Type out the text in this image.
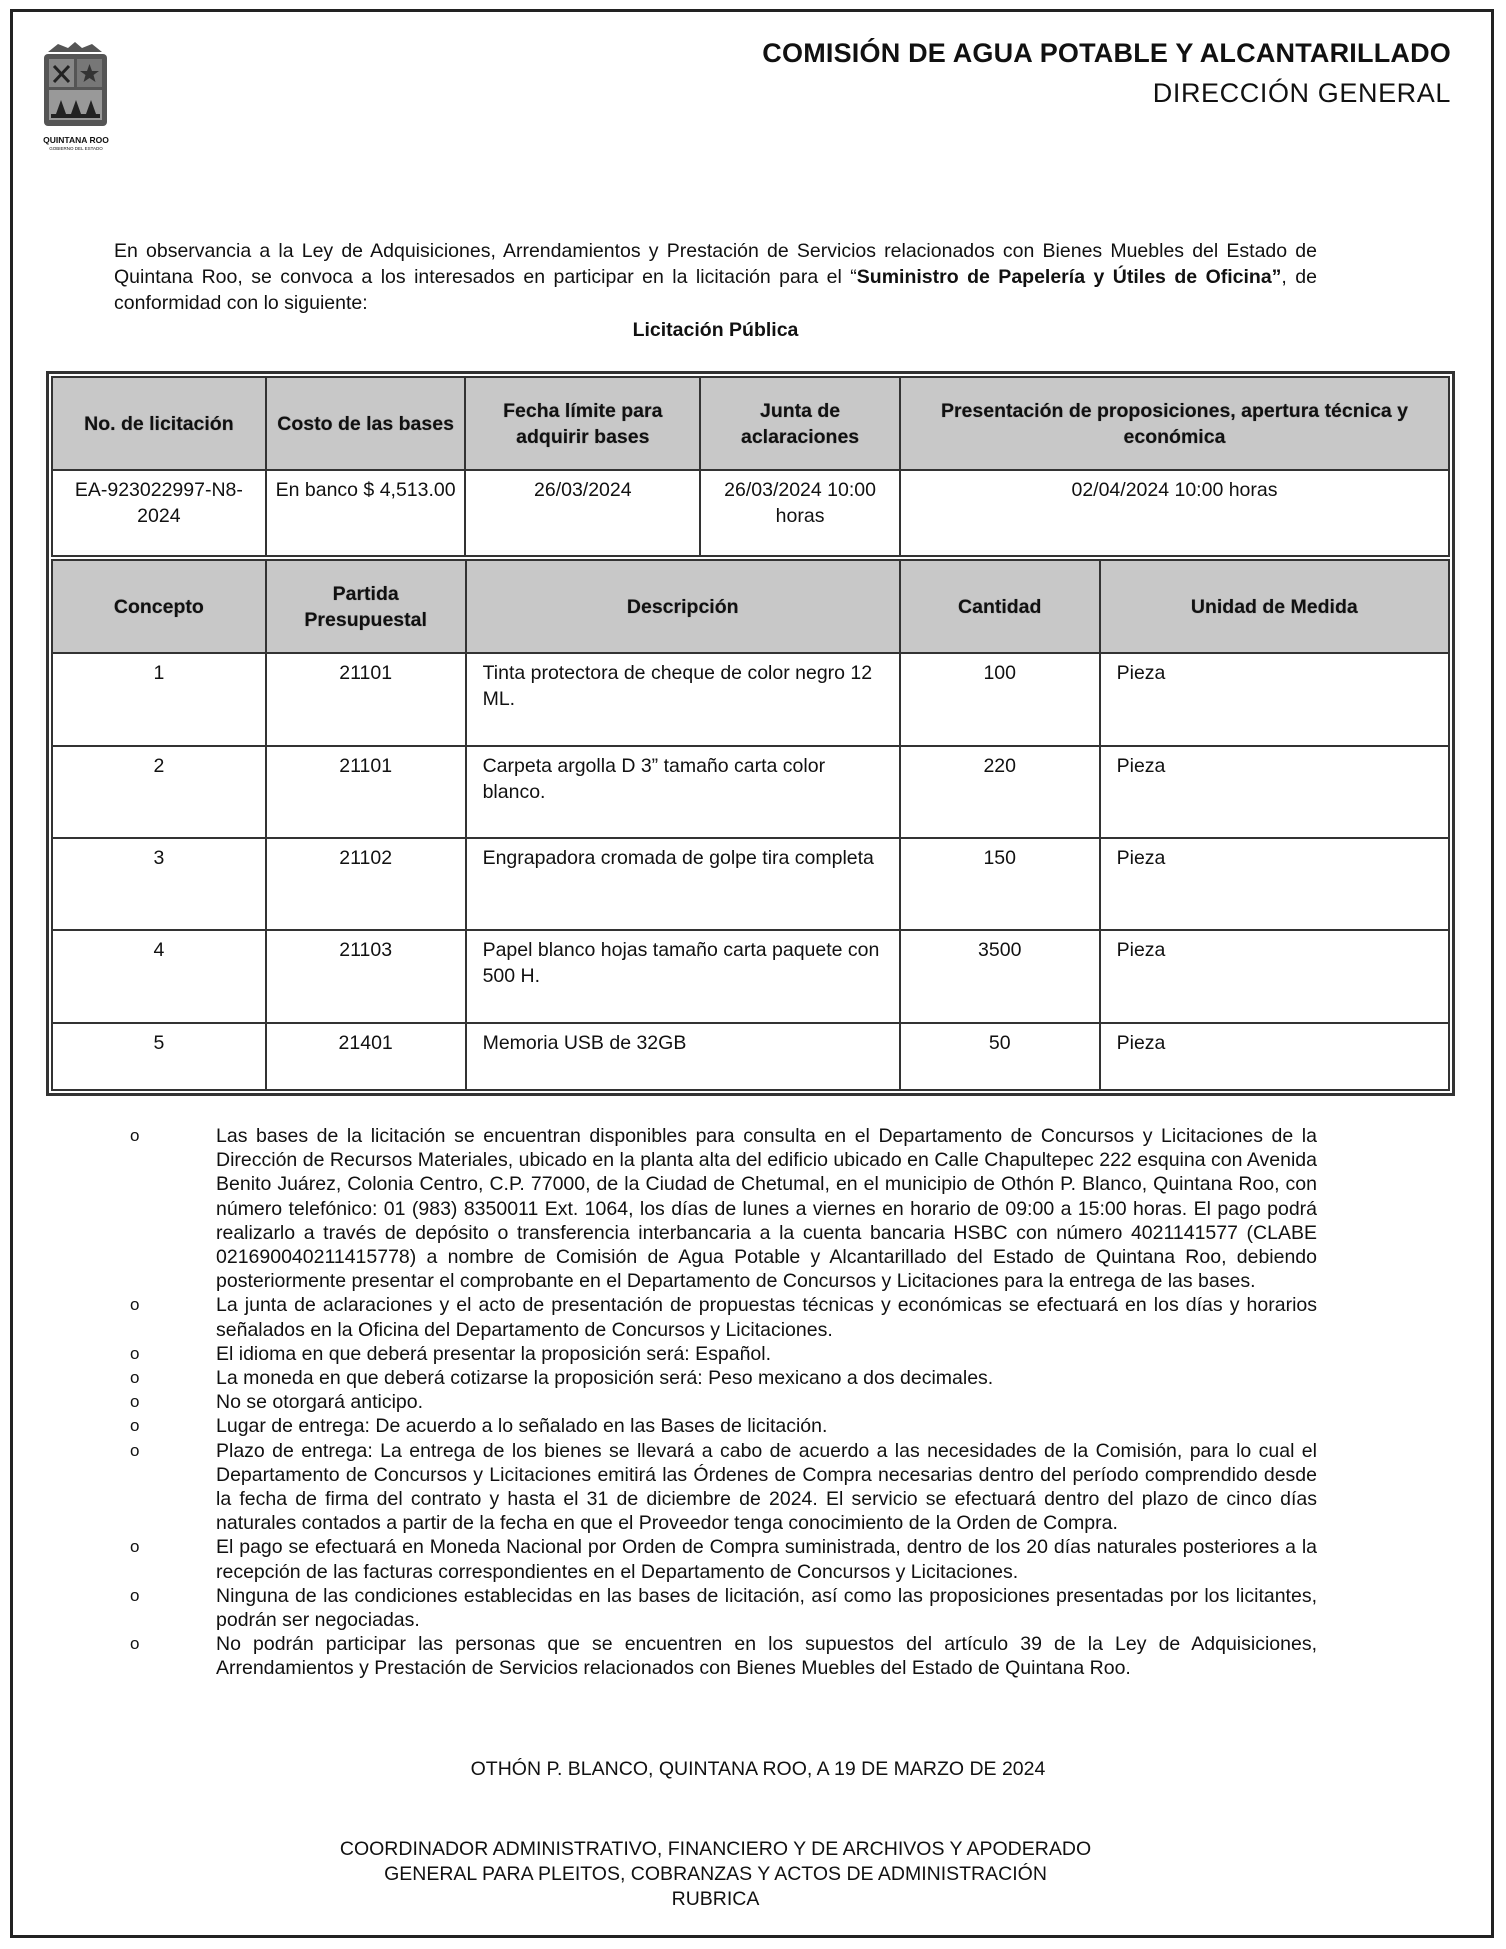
QUINTANA ROO
GOBIERNO DEL ESTADO
COMISIÓN DE AGUA POTABLE Y ALCANTARILLADO
DIRECCIÓN GENERAL
En observancia a la Ley de Adquisiciones, Arrendamientos y Prestación de Servicios relacionados con Bienes Muebles del Estado de Quintana Roo, se convoca a los interesados en participar en la licitación para el “Suministro de Papelería y Útiles de Oficina”, de conformidad con lo siguiente:
Licitación Pública
No. de licitación	Costo de las bases	Fecha límite para adquirir bases	Junta de aclaraciones	Presentación de proposiciones, apertura técnica y económica
EA-923022997-N8-2024	En banco $ 4,513.00	26/03/2024	26/03/2024 10:00 horas	02/04/2024 10:00 horas
Concepto	Partida Presupuestal	Descripción	Cantidad	Unidad de Medida
1	21101	Tinta protectora de cheque de color negro 12 ML.	100	Pieza
2	21101	Carpeta argolla D 3” tamaño carta color blanco.	220	Pieza
3	21102	Engrapadora cromada de golpe tira completa	150	Pieza
4	21103	Papel blanco hojas tamaño carta paquete con 500 H.	3500	Pieza
5	21401	Memoria USB de 32GB	50	Pieza
o	Las bases de la licitación se encuentran disponibles para consulta en el Departamento de Concursos y Licitaciones de la Dirección de Recursos Materiales, ubicado en la planta alta del edificio ubicado en Calle Chapultepec 222 esquina con Avenida Benito Juárez, Colonia Centro, C.P. 77000, de la Ciudad de Chetumal, en el municipio de Othón P. Blanco, Quintana Roo, con número telefónico: 01 (983) 8350011 Ext. 1064, los días de lunes a viernes en horario de 09:00 a 15:00 horas. El pago podrá realizarlo a través de depósito o transferencia interbancaria a la cuenta bancaria HSBC con número 4021141577 (CLABE 021690040211415778) a nombre de Comisión de Agua Potable y Alcantarillado del Estado de Quintana Roo, debiendo posteriormente presentar el comprobante en el Departamento de Concursos y Licitaciones para la entrega de las bases.
o	La junta de aclaraciones y el acto de presentación de propuestas técnicas y económicas se efectuará en los días y horarios señalados en la Oficina del Departamento de Concursos y Licitaciones.
o	El idioma en que deberá presentar la proposición será: Español.
o	La moneda en que deberá cotizarse la proposición será: Peso mexicano a dos decimales.
o	No se otorgará anticipo.
o	Lugar de entrega: De acuerdo a lo señalado en las Bases de licitación.
o	Plazo de entrega: La entrega de los bienes se llevará a cabo de acuerdo a las necesidades de la Comisión, para lo cual el Departamento de Concursos y Licitaciones emitirá las Órdenes de Compra necesarias dentro del período comprendido desde la fecha de firma del contrato y hasta el 31 de diciembre de 2024. El servicio se efectuará dentro del plazo de cinco días naturales contados a partir de la fecha en que el Proveedor tenga conocimiento de la Orden de Compra.
o	El pago se efectuará en Moneda Nacional por Orden de Compra suministrada, dentro de los 20 días naturales posteriores a la recepción de las facturas correspondientes en el Departamento de Concursos y Licitaciones.
o	Ninguna de las condiciones establecidas en las bases de licitación, así como las proposiciones presentadas por los licitantes, podrán ser negociadas.
o	No podrán participar las personas que se encuentren en los supuestos del artículo 39 de la Ley de Adquisiciones, Arrendamientos y Prestación de Servicios relacionados con Bienes Muebles del Estado de Quintana Roo.
OTHÓN P. BLANCO, QUINTANA ROO, A 19 DE MARZO DE 2024
COORDINADOR ADMINISTRATIVO, FINANCIERO Y DE ARCHIVOS Y APODERADO
GENERAL PARA PLEITOS, COBRANZAS Y ACTOS DE ADMINISTRACIÓN
RUBRICA
